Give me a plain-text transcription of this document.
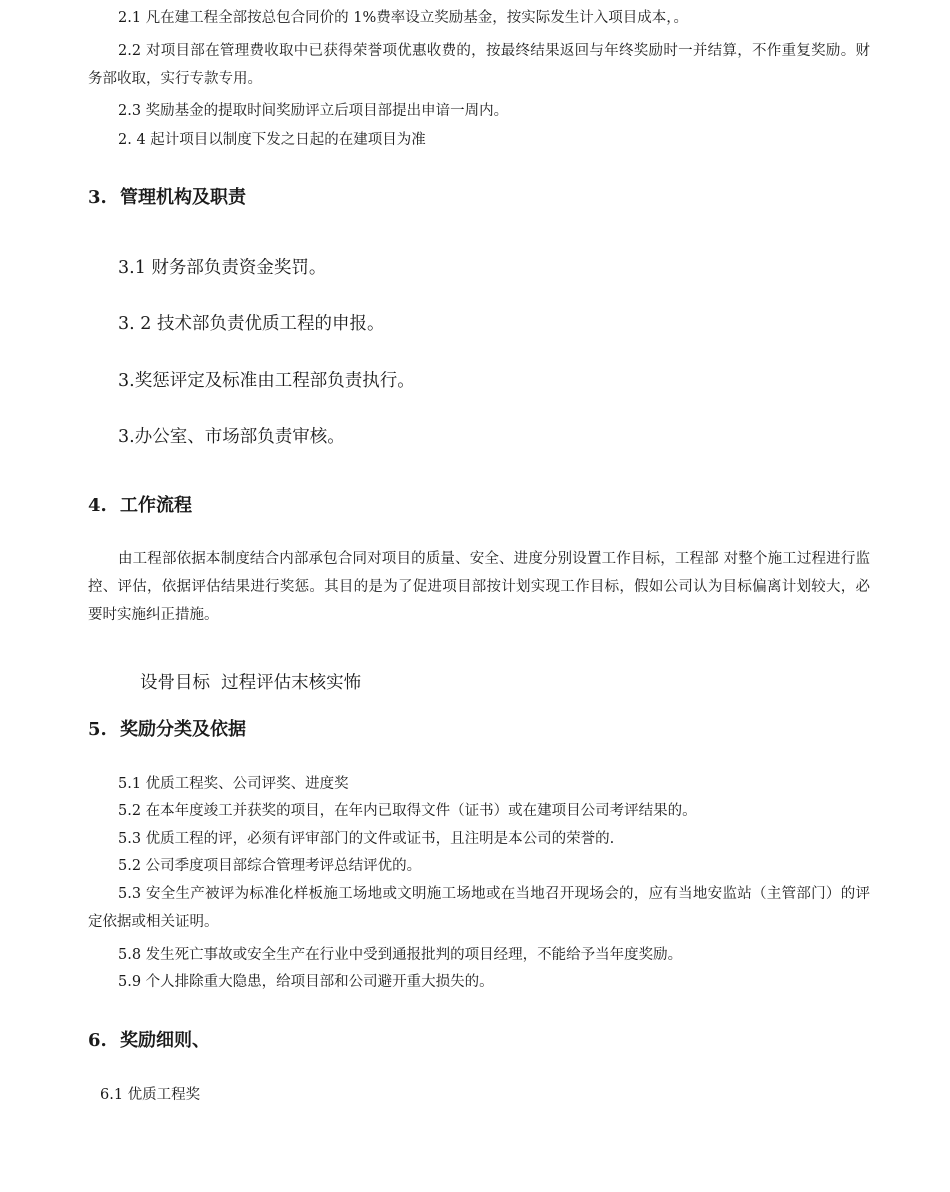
2.1 凡在建工程全部按总包合同价的 1%费率设立奖励基金，按实际发生计入项目成本，。

2.2 对项目部在管理费收取中已获得荣誉项优惠收费的，按最终结果返回与年终奖励时一并结算，不作重复奖励。财务部收取，实行专款专用。

2.3 奖励基金的提取时间奖励评立后项目部提出申谙一周内。

2. 4 起计项目以制度下发之日起的在建项目为准

3. 管理机构及职责

3.1 财务部负责资金奖罚。

3. 2 技术部负责优质工程的申报。

3.奖惩评定及标准由工程部负责执行。

3.办公室、市场部负责审核。

4. 工作流程

由工程部依据本制度结合内部承包合同对项目的质量、安全、进度分别设置工作目标，工程部 对整个施工过程进行监控、评估，依据评估结果进行奖惩。其目的是为了促进项目部按计划实现工作目标，假如公司认为目标偏离计划较大，必要时实施纠正措施。

设骨目标  过程评估末核实怖

5. 奖励分类及依据

5.1 优质工程奖、公司评奖、进度奖

5.2 在本年度竣工并获奖的项目，在年内已取得文件（证书）或在建项目公司考评结果的。

5.3 优质工程的评，必须有评审部门的文件或证书，且注明是本公司的荣誉的.

5.2 公司季度项目部综合管理考评总结评优的。

5.3 安全生产被评为标准化样板施工场地或文明施工场地或在当地召开现场会的，应有当地安监站（主管部门）的评定依据或相关证明。

5.8 发生死亡事故或安全生产在行业中受到通报批判的项目经理，不能给予当年度奖励。

5.9 个人排除重大隐患，给项目部和公司避开重大损失的。

6. 奖励细则、

6.1 优质工程奖
